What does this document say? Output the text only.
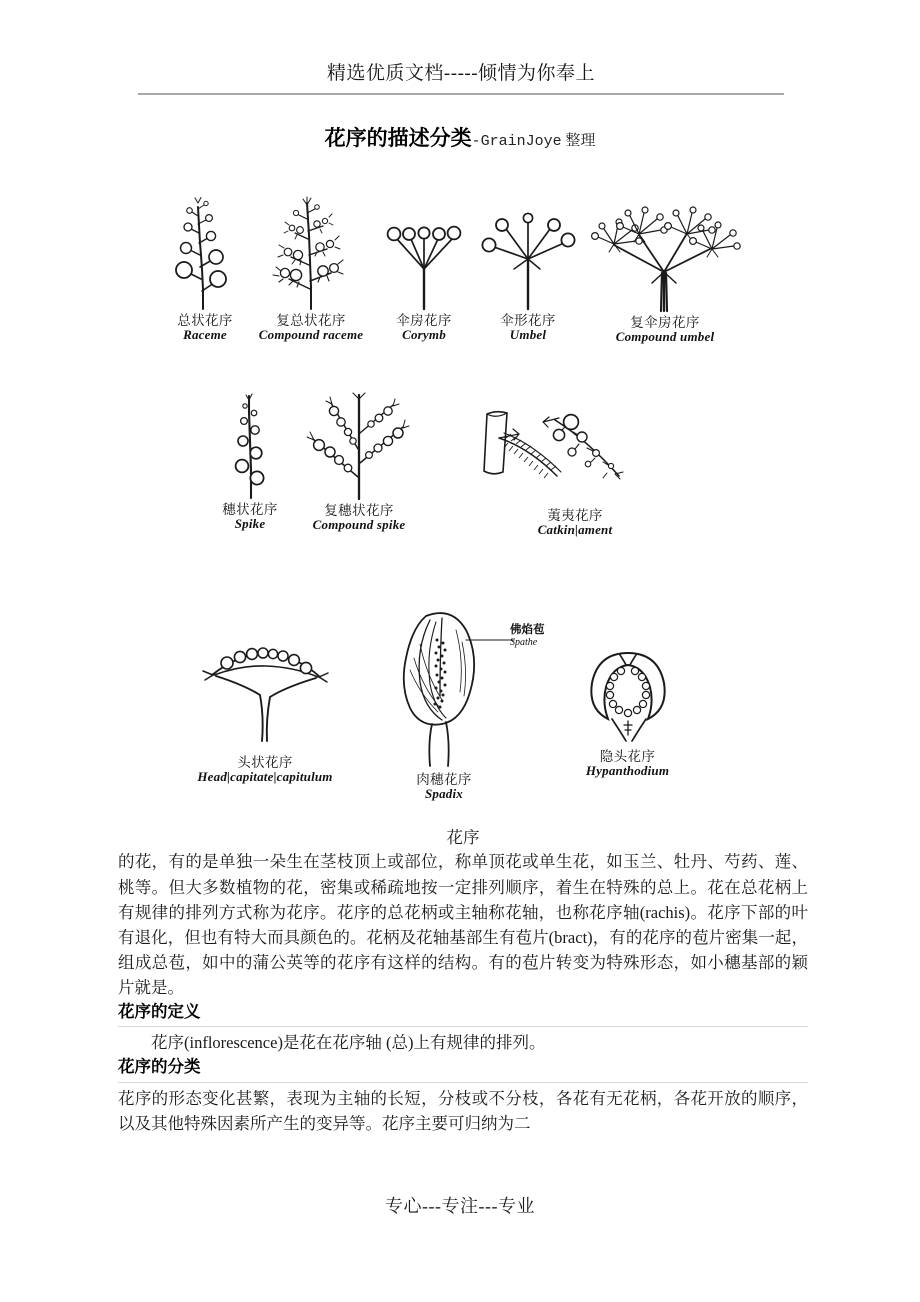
精选优质文档-----倾情为你奉上
花序的描述分类-GrainJoye 整理
总状花序
Raceme
复总状花序
Compound raceme
伞房花序
Corymb
伞形花序
Umbel
复伞房花序
Compound umbel
穗状花序
Spike
复穗状花序
Compound spike
荑夷花序
Catkin|ament
头状花序
Head|capitate|capitulum
佛焰苞
Spathe
肉穗花序
Spadix
隐头花序
Hypanthodium
花序

的花，有的是单独一朵生在茎枝顶上或部位，称单顶花或单生花，如玉兰、牡丹、芍药、莲、桃等。但大多数植物的花，密集或稀疏地按一定排列顺序，着生在特殊的总上。花在总花柄上有规律的排列方式称为花序。花序的总花柄或主轴称花轴，也称花序轴(rachis)。花序下部的叶有退化，但也有特大而具颜色的。花柄及花轴基部生有苞片(bract)，有的花序的苞片密集一起，组成总苞，如中的蒲公英等的花序有这样的结构。有的苞片转变为特殊形态，如小穗基部的颖片就是。

花序的定义

花序(inflorescence)是花在花序轴 (总)上有规律的排列。

花序的分类

花序的形态变化甚繁，表现为主轴的长短，分枝或不分枝，各花有无花柄，各花开放的顺序，以及其他特殊因素所产生的变异等。花序主要可归纳为二

专心---专注---专业
